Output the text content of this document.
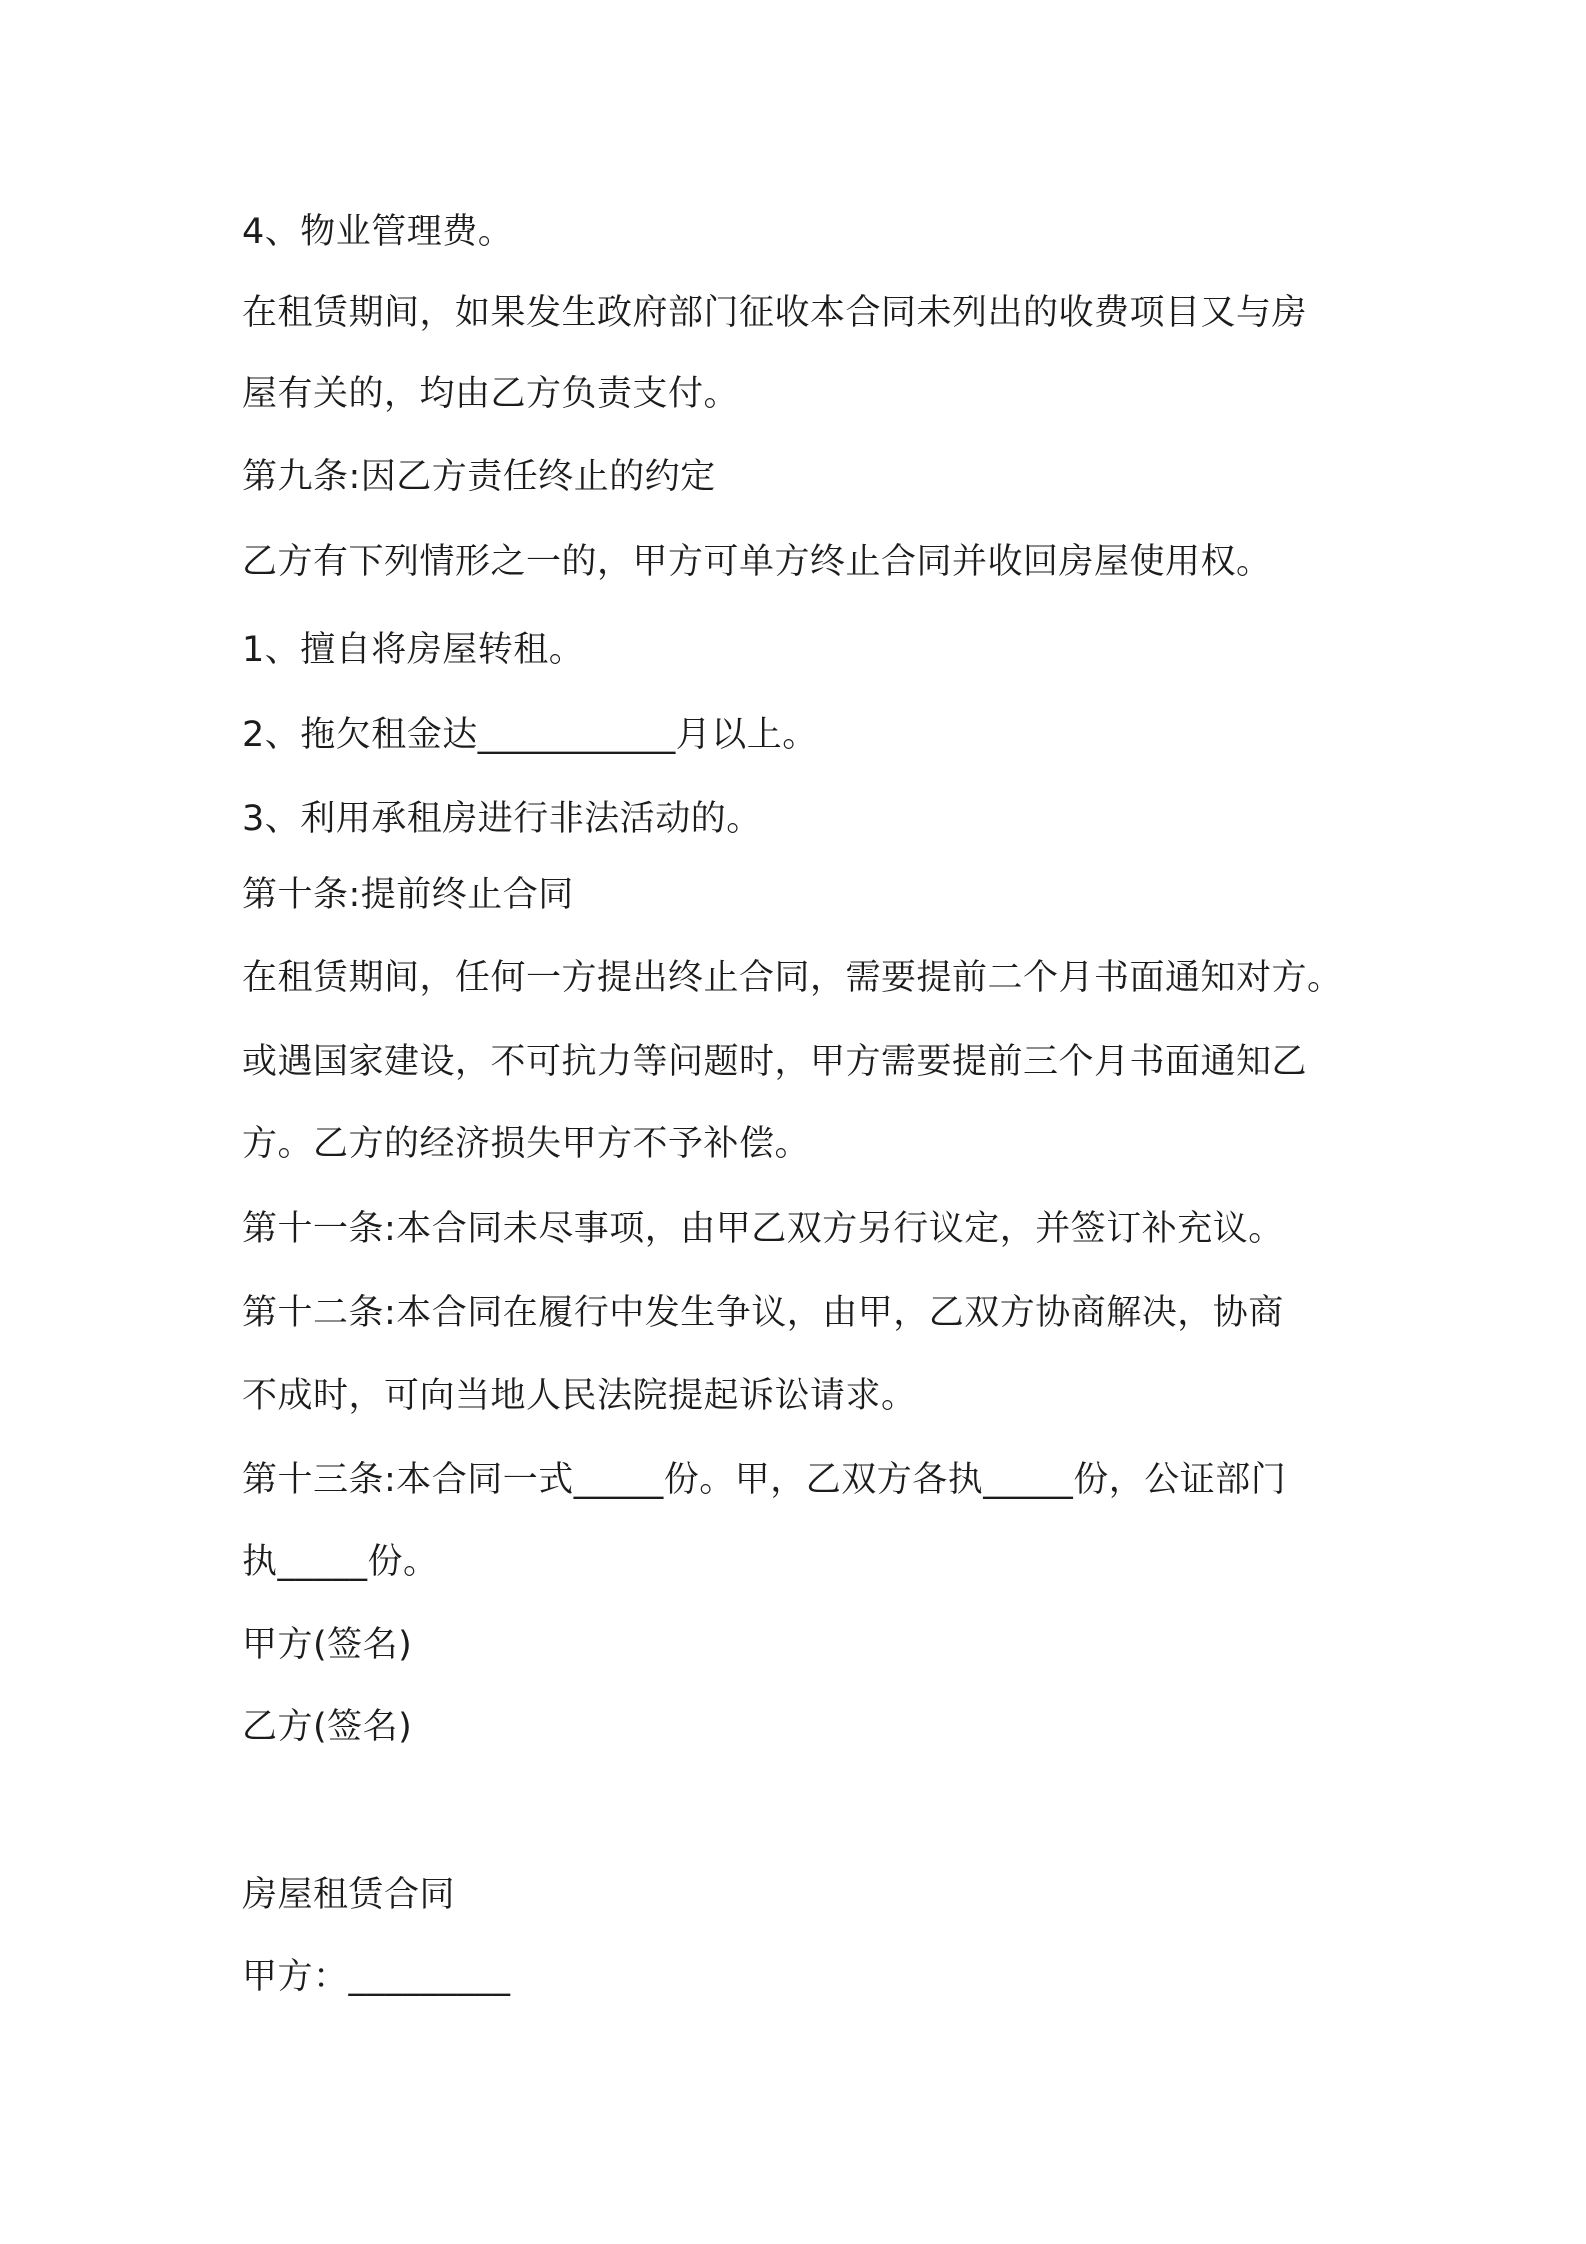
4、物业管理费。

在租赁期间，如果发生政府部门征收本合同未列出的收费项目又与房

屋有关的，均由乙方负责支付。

第九条:因乙方责任终止的约定

乙方有下列情形之一的，甲方可单方终止合同并收回房屋使用权。

1、擅自将房屋转租。

2、拖欠租金达___________月以上。

3、利用承租房进行非法活动的。

第十条:提前终止合同

在租赁期间，任何一方提出终止合同，需要提前二个月书面通知对方。

或遇国家建设，不可抗力等问题时，甲方需要提前三个月书面通知乙

方。乙方的经济损失甲方不予补偿。

第十一条:本合同未尽事项，由甲乙双方另行议定，并签订补充议。

第十二条:本合同在履行中发生争议，由甲，乙双方协商解决，协商

不成时，可向当地人民法院提起诉讼请求。

第十三条:本合同一式_____份。甲，乙双方各执_____份，公证部门

执_____份。

甲方(签名)

乙方(签名)

房屋租赁合同

甲方：_________
